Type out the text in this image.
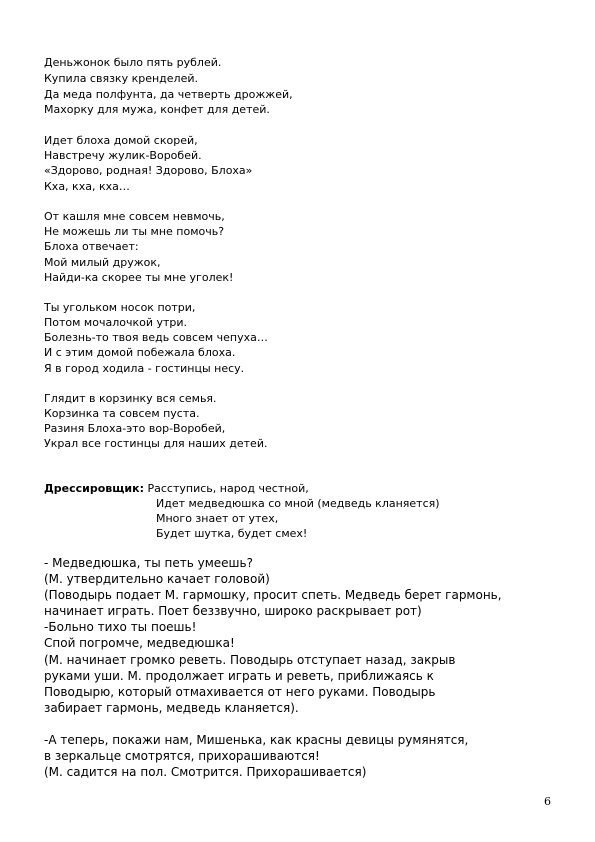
Деньжонок было пять рублей.
Купила связку кренделей.
Да меда полфунта, да четверть дрожжей,
Махорку для мужа, конфет для детей.
Идет блоха домой скорей,
Навстречу жулик-Воробей.
«Здорово, родная! Здорово, Блоха»
Кха, кха, кха…
От кашля мне совсем невмочь,
Не можешь ли ты мне помочь?
Блоха отвечает:
Мой милый дружок,
Найди-ка скорее ты мне уголек!
Ты угольком носок потри,
Потом мочалочкой утри.
Болезнь-то твоя ведь совсем чепуха…
И с этим домой побежала блоха.
Я в город ходила - гостинцы несу.
Глядит в корзинку вся семья.
Корзинка та совсем пуста.
Разиня Блоха-это вор-Воробей,
Украл все гостинцы для наших детей.
Дрессировщик: Расступись, народ честной,
Идет медведюшка со мной (медведь кланяется)
Много знает от утех,
Будет шутка, будет смех!
- Медведюшка, ты петь умеешь?
(М. утвердительно качает головой)
(Поводырь подает М. гармошку, просит спеть. Медведь берет гармонь,
начинает играть. Поет беззвучно, широко раскрывает рот)
-Больно тихо ты поешь!
Спой погромче, медведюшка!
(М. начинает громко реветь. Поводырь отступает назад, закрыв
руками уши. М. продолжает играть и реветь, приближаясь к
Поводырю, который отмахивается от него руками. Поводырь
забирает гармонь, медведь кланяется).
-А теперь, покажи нам, Мишенька, как красны девицы румянятся,
в зеркальце смотрятся, прихорашиваются!
(М. садится на пол. Смотрится. Прихорашивается)
6
